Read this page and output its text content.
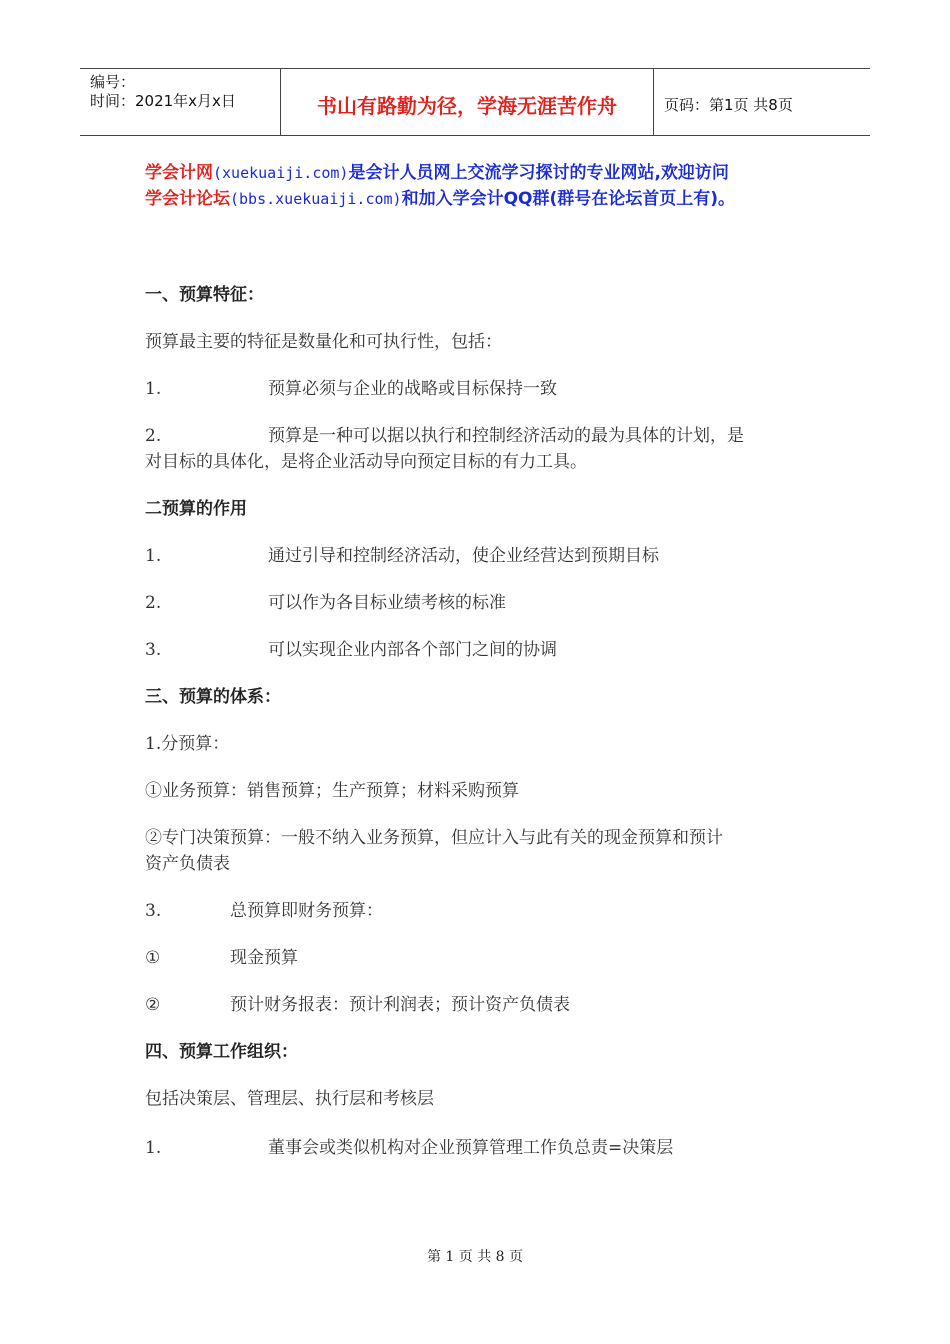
编号：
时间：2021年x月x日	书山有路勤为径，学海无涯苦作舟	页码：第1页 共8页
学会计网(xuekuaiji.com)是会计人员网上交流学习探讨的专业网站,欢迎访问
学会计论坛(bbs.xuekuaiji.com)和加入学会计QQ群(群号在论坛首页上有)。
一、预算特征：
预算最主要的特征是数量化和可执行性，包括：
1.	预算必须与企业的战略或目标保持一致
2.	预算是一种可以据以执行和控制经济活动的最为具体的计划，是
对目标的具体化，是将企业活动导向预定目标的有力工具。
二预算的作用
1.	通过引导和控制经济活动，使企业经营达到预期目标
2.	可以作为各目标业绩考核的标准
3.	可以实现企业内部各个部门之间的协调
三、预算的体系：
1.分预算：
①业务预算：销售预算；生产预算；材料采购预算
②专门决策预算：一般不纳入业务预算，但应计入与此有关的现金预算和预计
资产负债表
3.	总预算即财务预算：
①	现金预算
②	预计财务报表：预计利润表；预计资产负债表
四、预算工作组织：
包括决策层、管理层、执行层和考核层
1.	董事会或类似机构对企业预算管理工作负总责=决策层
第 1 页 共 8 页
